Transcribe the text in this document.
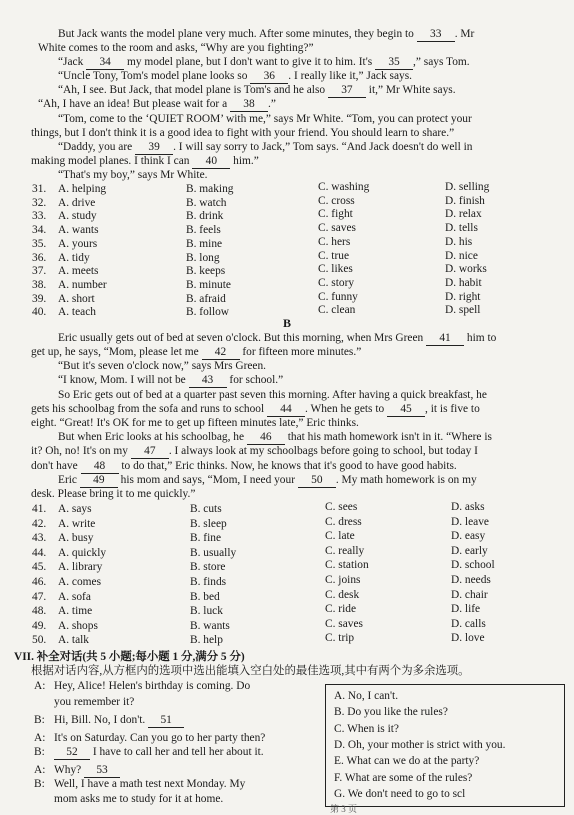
But Jack wants the model plane very much. After some minutes, they begin to 33 . Mr
White comes to the room and asks, “Why are you fighting?”
“Jack 34 my model plane, but I don't want to give it to him. It's 35 ,” says Tom.
“Uncle Tony, Tom's model plane looks so 36 . I really like it,” Jack says.
“Ah, I see. But Jack, that model plane is Tom's and he also 37 it,” Mr White says.
“Ah, I have an idea! But please wait for a 38 .”
“Tom, come to the ‘QUIET ROOM’ with me,” says Mr White. “Tom, you can protect your
things, but I don't think it is a good idea to fight with your friend. You should learn to share.”
“Daddy, you are 39 . I will say sorry to Jack,” Tom says. “And Jack doesn't do well in
making model planes. I think I can 40 him.”
“That's my boy,” says Mr White.
Eric usually gets out of bed at seven o'clock. But this morning, when Mrs Green 41 him to
get up, he says, “Mom, please let me 42 for fifteen more minutes.”
“But it's seven o'clock now,” says Mrs Green.
“I know, Mom. I will not be 43 for school.”
So Eric gets out of bed at a quarter past seven this morning. After having a quick breakfast, he
gets his schoolbag from the sofa and runs to school 44 . When he gets to 45 , it is five to
eight. “Great! It's OK for me to get up fifteen minutes late,” Eric thinks.
But when Eric looks at his schoolbag, he 46 that his math homework isn't in it. “Where is
it? Oh, no! It's on my 47 . I always look at my schoolbags before going to school, but today I
don't have 48 to do that,” Eric thinks. Now, he knows that it's good to have good habits.
Eric 49 his mom and says, “Mom, I need your 50 . My math homework is on my
desk. Please bring it to me quickly.”
31. A. helping	B. making	C. washing	D. selling
32. A. drive	B. watch	C. cross	D. finish
33. A. study	B. drink	C. fight	D. relax
34. A. wants	B. feels	C. saves	D. tells
35. A. yours	B. mine	C. hers	D. his
36. A. tidy	B. long	C. true	D. nice
37. A. meets	B. keeps	C. likes	D. works
38. A. number	B. minute	C. story	D. habit
39. A. short	B. afraid	C. funny	D. right
40. A. teach	B. follow	C. clean	D. spell
41. A. says	B. cuts	C. sees	D. asks
42. A. write	B. sleep	C. dress	D. leave
43. A. busy	B. fine	C. late	D. easy
44. A. quickly	B. usually	C. really	D. early
45. A. library	B. store	C. station	D. school
46. A. comes	B. finds	C. joins	D. needs
47. A. sofa	B. bed	C. desk	D. chair
48. A. time	B. luck	C. ride	D. life
49. A. shops	B. wants	C. saves	D. calls
50. A. talk	B. help	C. trip	D. love
B
VII. 补全对话(共 5 小题;每小题 1 分,满分 5 分)
根据对话内容,从方框内的选项中选出能填入空白处的最佳选项,其中有两个为多余选项。
A: Hey, Alice! Helen's birthday is coming. Do
you remember it?
B: Hi, Bill. No, I don't. 51
A: It's on Saturday. Can you go to her party then?
B: 52 I have to call her and tell her about it.
A: Why? 53
B: Well, I have a math test next Monday. My
mom asks me to study for it at home.
A. No, I can't.
B. Do you like the rules?
C. When is it?
D. Oh, your mother is strict with you.
E. What can we do at the party?
F. What are some of the rules?
G. We don't need to go to scl
第 3 页
